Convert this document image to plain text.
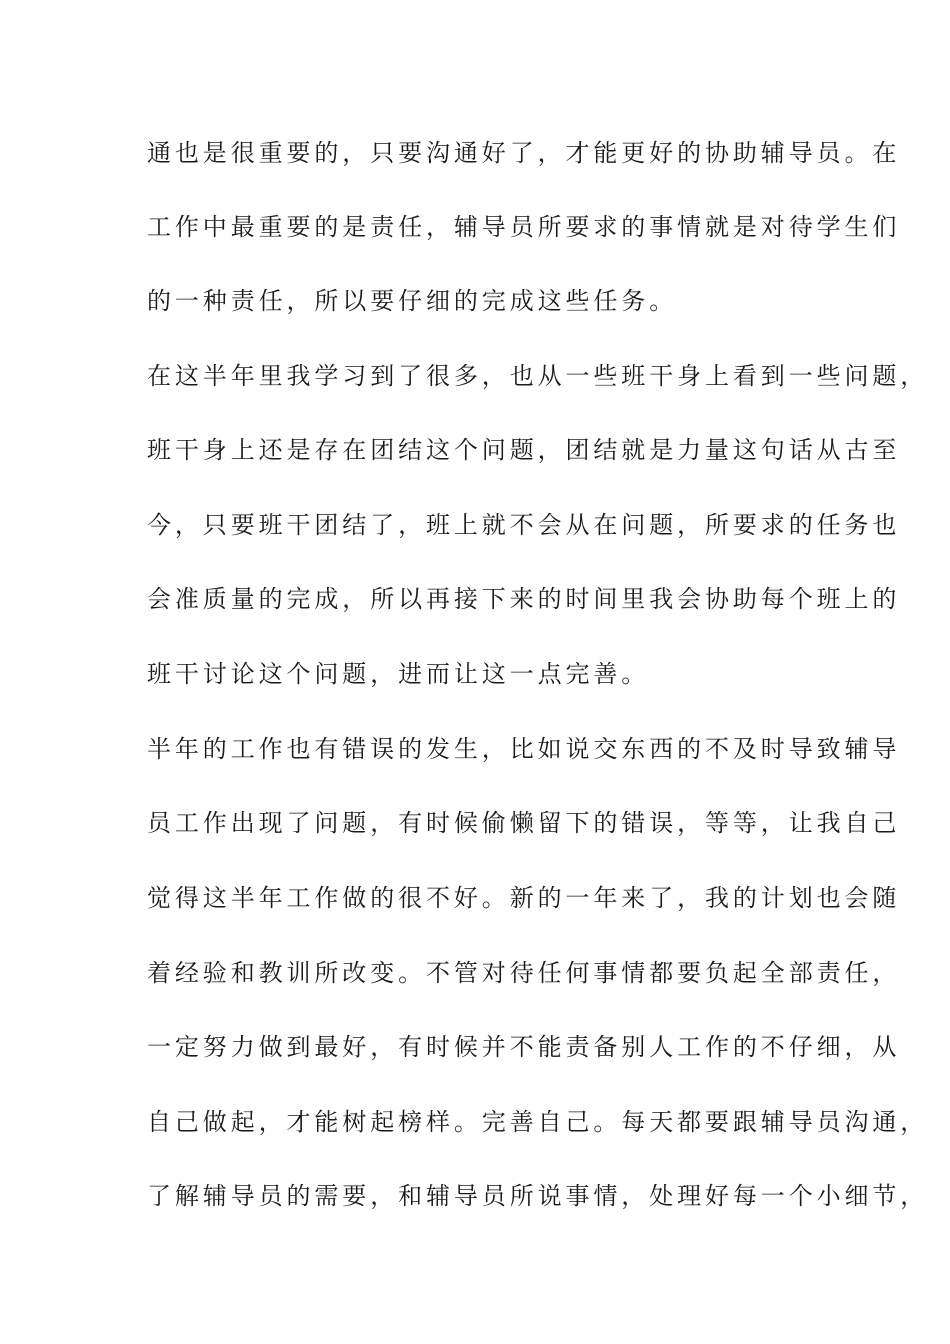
通也是很重要的，只要沟通好了，才能更好的协助辅导员。在
工作中最重要的是责任，辅导员所要求的事情就是对待学生们
的一种责任，所以要仔细的完成这些任务。
在这半年里我学习到了很多，也从一些班干身上看到一些问题，
班干身上还是存在团结这个问题，团结就是力量这句话从古至
今，只要班干团结了，班上就不会从在问题，所要求的任务也
会准质量的完成，所以再接下来的时间里我会协助每个班上的
班干讨论这个问题，进而让这一点完善。
半年的工作也有错误的发生，比如说交东西的不及时导致辅导
员工作出现了问题，有时候偷懒留下的错误，等等，让我自己
觉得这半年工作做的很不好。新的一年来了，我的计划也会随
着经验和教训所改变。不管对待任何事情都要负起全部责任，
一定努力做到最好，有时候并不能责备别人工作的不仔细，从
自己做起，才能树起榜样。完善自己。每天都要跟辅导员沟通，
了解辅导员的需要，和辅导员所说事情，处理好每一个小细节，
